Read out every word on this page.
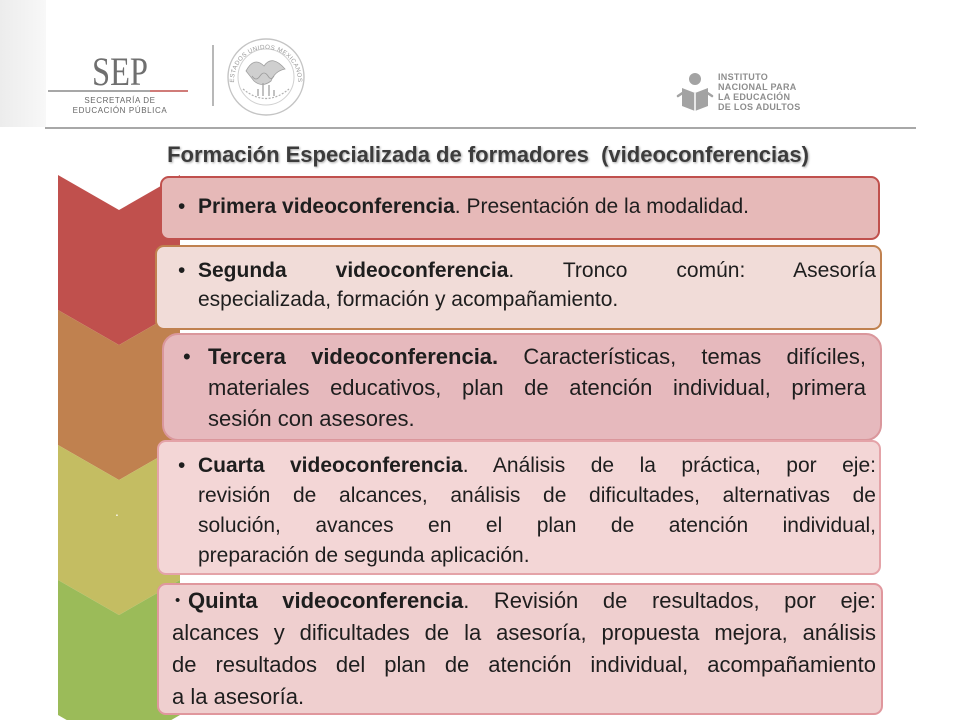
SEP
SECRETARÍA DE
EDUCACIÓN PÚBLICA
ESTADOS UNIDOS MEXICANOS	INSTITUTO
NACIONAL PARA
LA EDUCACIÓN
DE LOS ADULTOS
Formación Especializada de formadores  (videoconferencias)
.
• Primera videoconferencia. Presentación de la modalidad.
• Segunda videoconferencia. Tronco común: Asesoría
especializada, formación y acompañamiento.
• Tercera videoconferencia. Características, temas difíciles,
materiales educativos, plan de atención individual, primera
sesión con asesores.
• Cuarta videoconferencia. Análisis de la práctica, por eje:
revisión de alcances, análisis de dificultades, alternativas de
solución, avances en el plan de atención individual,
preparación de segunda aplicación.
• Quinta videoconferencia. Revisión de resultados, por eje:
alcances y dificultades de la asesoría, propuesta mejora, análisis
de resultados del plan de atención individual, acompañamiento
a la asesoría.
